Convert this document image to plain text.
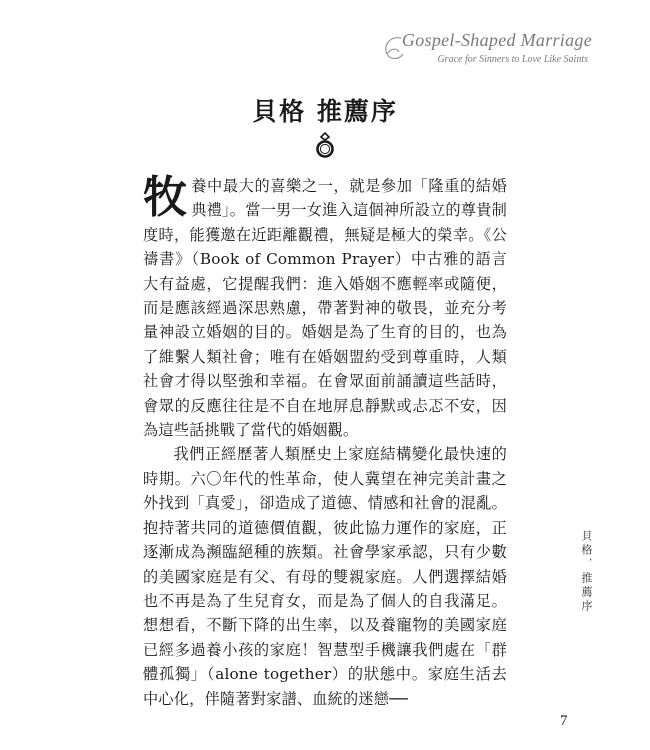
Gospel-Shaped Marriage
Grace for Sinners to Love Like Saints
貝格 推薦序

牧養中最大的喜樂之一，就是參加「隆重的結婚典禮」。當一男一女進入這個神所設立的尊貴制度時，能獲邀在近距離觀禮，無疑是極大的榮幸。《公禱書》（Book of Common Prayer）中古雅的語言大有益處，它提醒我們：進入婚姻不應輕率或隨便，而是應該經過深思熟慮，帶著對神的敬畏，並充分考量神設立婚姻的目的。婚姻是為了生育的目的，也為了維繫人類社會；唯有在婚姻盟約受到尊重時，人類社會才得以堅強和幸福。在會眾面前誦讀這些話時，會眾的反應往往是不自在地屏息靜默或忐忑不安，因為這些話挑戰了當代的婚姻觀。

我們正經歷著人類歷史上家庭結構變化最快速的時期。六〇年代的性革命，使人冀望在神完美計畫之外找到「真愛」，卻造成了道德、情感和社會的混亂。抱持著共同的道德價值觀，彼此協力運作的家庭，正逐漸成為瀕臨絕種的族類。社會學家承認，只有少數的美國家庭是有父、有母的雙親家庭。人們選擇結婚也不再是為了生兒育女，而是為了個人的自我滿足。想想看，不斷下降的出生率，以及養寵物的美國家庭已經多過養小孩的家庭！智慧型手機讓我們處在「群體孤獨」（alone together）的狀態中。家庭生活去中心化，伴隨著對家譜、血統的迷戀──

貝格．推薦序
7
